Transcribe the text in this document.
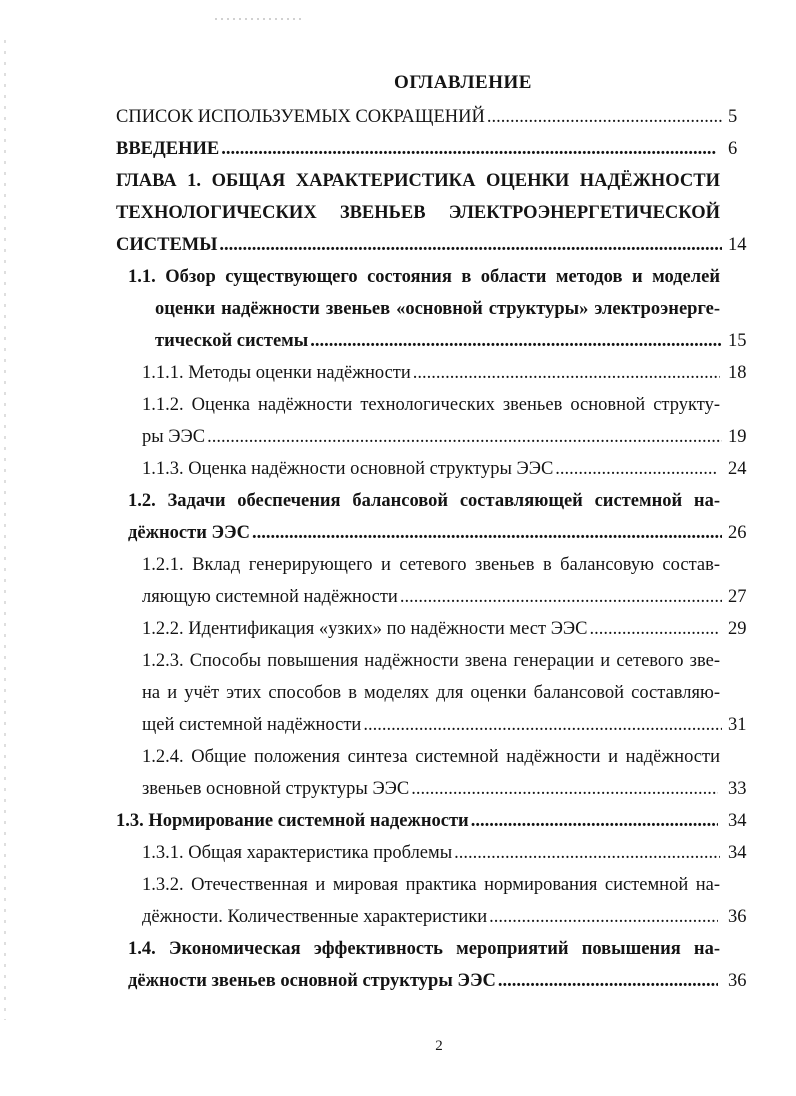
ОГЛАВЛЕНИЕ
СПИСОК ИСПОЛЬЗУЕМЫХ СОКРАЩЕНИЙ .....	5
ВВЕДЕНИЕ .....	6
ГЛАВА 1. ОБЩАЯ ХАРАКТЕРИСТИКА ОЦЕНКИ НАДЁЖНОСТИ
ТЕХНОЛОГИЧЕСКИХ ЗВЕНЬЕВ ЭЛЕКТРОЭНЕРГЕТИЧЕСКОЙ
СИСТЕМЫ .....	14
1.1. Обзор существующего состояния в области методов и моделей
оценки надёжности звеньев «основной структуры» электроэнерге-
тической системы .....	15
1.1.1. Методы оценки надёжности .....	18
1.1.2. Оценка надёжности технологических звеньев основной структу-
ры ЭЭС .....	19
1.1.3. Оценка надёжности основной структуры ЭЭС .....	24
1.2. Задачи обеспечения балансовой составляющей системной на-
дёжности ЭЭС .....	26
1.2.1. Вклад генерирующего и сетевого звеньев в балансовую состав-
ляющую системной надёжности .....	27
1.2.2. Идентификация «узких» по надёжности мест ЭЭС .....	29
1.2.3. Способы повышения надёжности звена генерации и сетевого зве-
на и учёт этих способов в моделях для оценки балансовой составляю-
щей системной надёжности .....	31
1.2.4. Общие положения синтеза системной надёжности и надёжности
звеньев основной структуры ЭЭС .....	33
1.3. Нормирование системной надежности .....	34
1.3.1. Общая характеристика проблемы .....	34
1.3.2. Отечественная и мировая практика нормирования системной на-
дёжности. Количественные характеристики .....	36
1.4. Экономическая эффективность мероприятий повышения на-
дёжности звеньев основной структуры ЭЭС .....	36
2
